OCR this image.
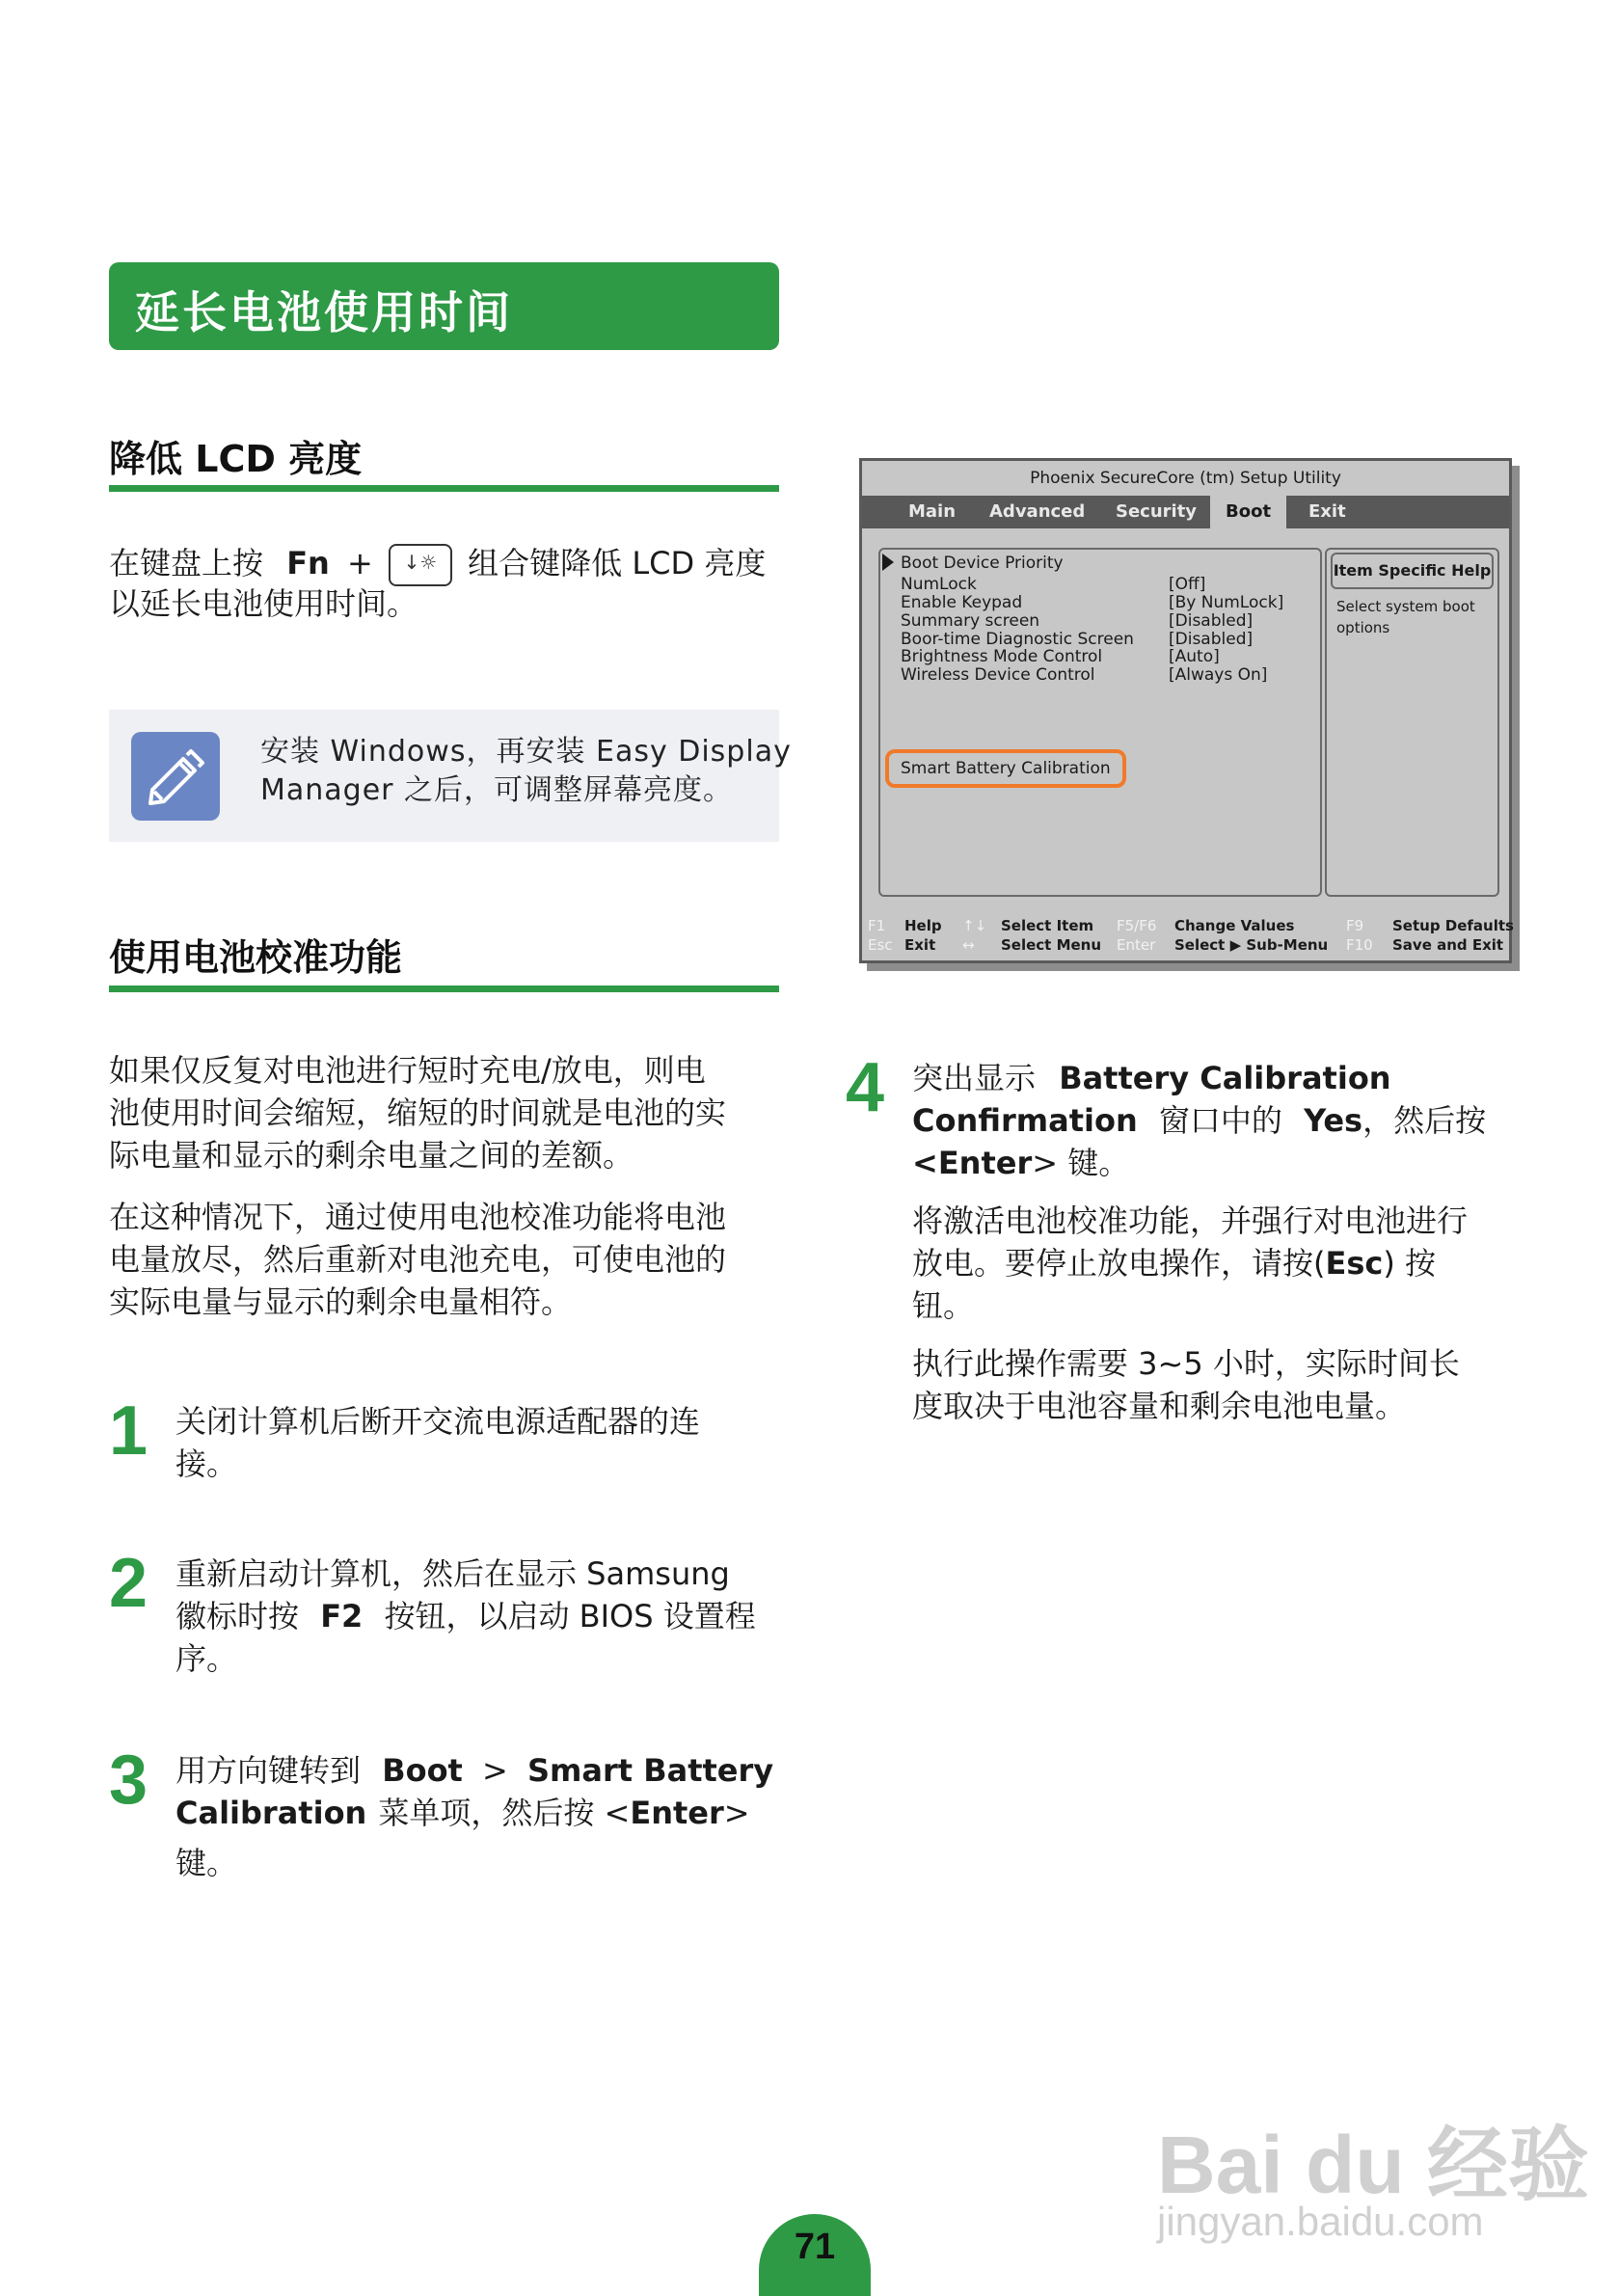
延长电池使用时间
降低 LCD 亮度
在键盘上按 Fn +	↓☼ 组合键降低 LCD 亮度
以延长电池使用时间。
安装 Windows，再安装 Easy Display
Manager 之后，可调整屏幕亮度。
使用电池校准功能
如果仅反复对电池进行短时充电/放电，则电
池使用时间会缩短，缩短的时间就是电池的实
际电量和显示的剩余电量之间的差额。
在这种情况下，通过使用电池校准功能将电池
电量放尽，然后重新对电池充电，可使电池的
实际电量与显示的剩余电量相符。
1 关闭计算机后断开交流电源适配器的连
接。
2 重新启动计算机，然后在显示 Samsung
徽标时按 F2 按钮，以启动 BIOS 设置程
序。
3 用方向键转到 Boot > Smart Battery
Calibration 菜单项，然后按 <Enter>
键。
Phoenix SecureCore (tm) Setup Utility
Main Advanced Security	Boot	Exit
Item Specific Help
Select system boot
options
Boot Device Priority
NumLock	[Off]
Enable Keypad	[By NumLock]
Summary screen	[Disabled]
Boor-time Diagnostic Screen [Disabled]
Brightness Mode Control	[Auto]
Wireless Device Control	[Always On]
Smart Battery Calibration
F1 Help ↑↓ Select Item F5/F6 Change Values	F9 Setup Defaults
Esc Exit ↔ Select Menu Enter Select ▶ Sub-Menu F10 Save and Exit
4 突出显示 Battery Calibration
Confirmation 窗口中的 Yes，然后按
<Enter> 键。
将激活电池校准功能，并强行对电池进行
放电。要停止放电操作，请按(Esc) 按
钮。
执行此操作需要 3~5 小时，实际时间长
度取决于电池容量和剩余电池电量。
Bai du 经验
jingyan.baidu.com
71
